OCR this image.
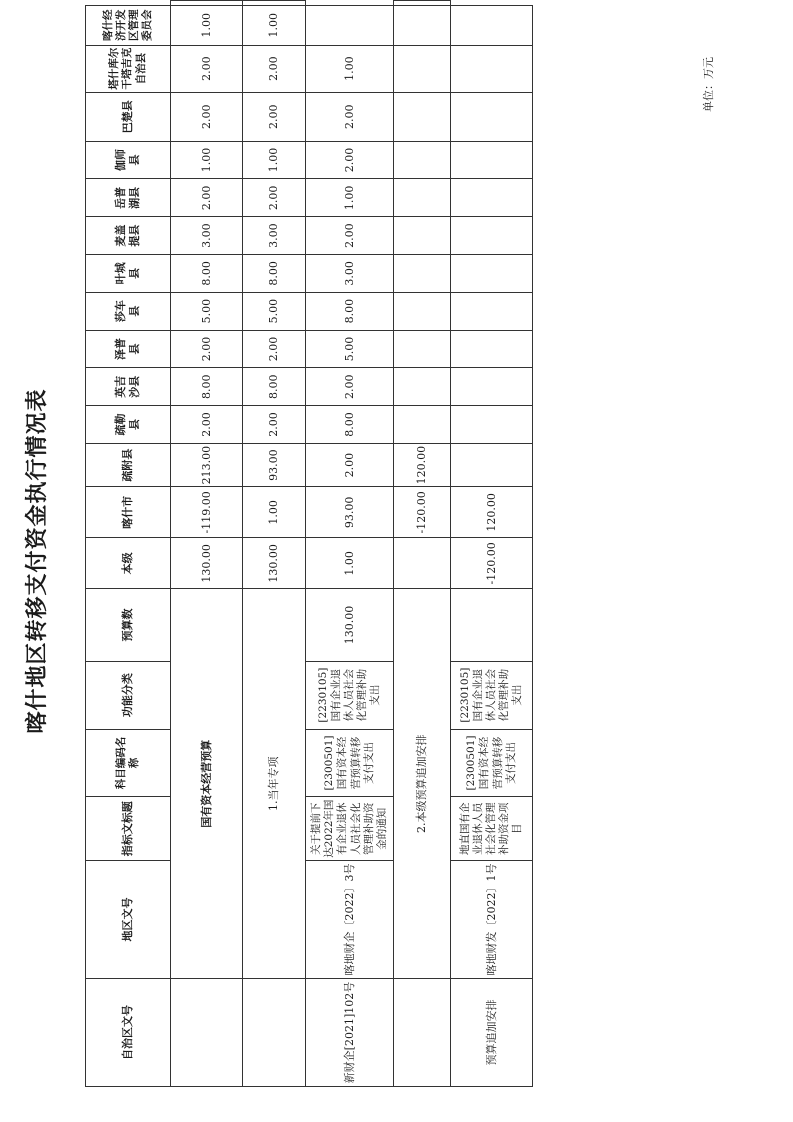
喀什地区转移支付资金执行情况表
单位：万元
自治区文号	地区文号	指标文标题	科目编码名称	功能分类	预算数	本级	喀什市	疏附县	疏勒县	英吉沙县	泽普县	莎车县	叶城县	麦盖提县	岳普湖县	伽师县	巴楚县	塔什库尔干塔吉克自治县	喀什经济开发区管理委员会	
	国有资本经营预算					130.00	-119.00	213.00	2.00	8.00	2.00	5.00	8.00	3.00	2.00	1.00	2.00	2.00	1.00	
	1.当年专项					130.00	1.00	93.00	2.00	8.00	2.00	5.00	8.00	3.00	2.00	1.00	2.00	2.00	1.00	
新财企[2021]102号	喀地财企〔2022〕3号	关于提前下达2022年国有企业退休人员社会化管理补助资金的通知	[2300501]国有资本经营预算转移支付支出	[2230105]国有企业退休人员社会化管理补助支出	130.00	1.00	93.00	2.00	8.00	2.00	5.00	8.00	3.00	2.00	1.00	2.00	2.00	1.00		
	2.本级预算追加安排						-120.00	120.00												
预算追加安排	喀地财发〔2022〕1号	地直国有企业退休人员社会化管理补助资金项目	[2300501]国有资本经营预算转移支付支出	[2230105]国有企业退休人员社会化管理补助支出		-120.00	120.00													
